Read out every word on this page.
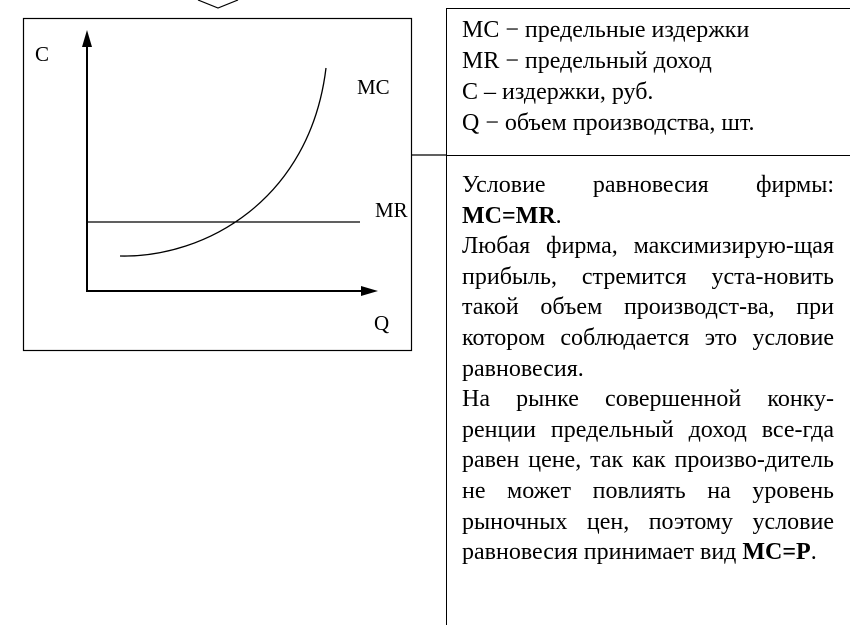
C
Q
MC
MR
MC − предельные издержки
MR − предельный доход
C – издержки, руб.
Q − объем производства, шт.

Условие равновесия фирмы: MC=MR.

Любая фирма, максимизирую-щая прибыль, стремится уста-новить такой объем производст-ва, при котором соблюдается это условие равновесия.

На рынке совершенной конку-ренции предельный доход все-гда равен цене, так как произво-дитель не может повлиять на уровень рыночных цен, поэтому условие равновесия принимает вид MC=P.
